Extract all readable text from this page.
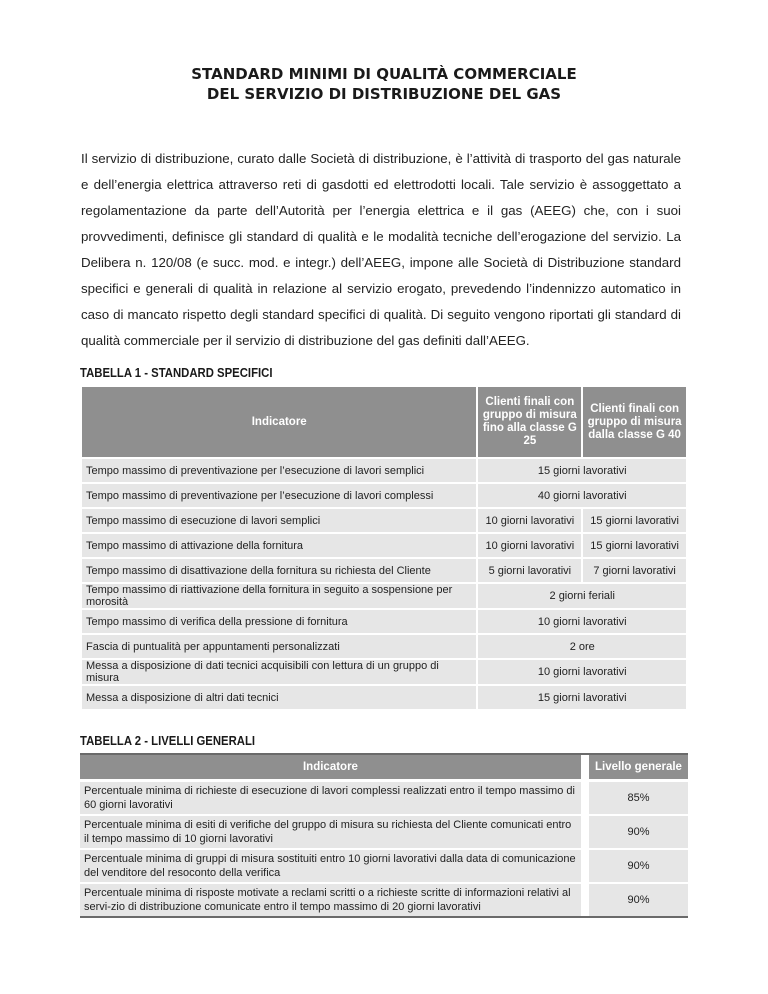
STANDARD MINIMI DI QUALITÀ COMMERCIALE
DEL SERVIZIO DI DISTRIBUZIONE DEL GAS

Il servizio di distribuzione, curato dalle Società di distribuzione, è l’attività di trasporto del gas naturale e dell’energia elettrica attraverso reti di gasdotti ed elettrodotti locali. Tale servizio è assoggettato a regolamentazione da parte dell’Autorità per l’energia elettrica e il gas (AEEG) che, con i suoi provvedimenti, definisce gli standard di qualità e le modalità tecniche dell’erogazione del servizio. La Delibera n. 120/08 (e succ. mod. e integr.) dell’AEEG, impone alle Società di Distribuzione standard specifici e generali di qualità in relazione al servizio erogato, prevedendo l’indennizzo automatico in caso di mancato rispetto degli standard specifici di qualità. Di seguito vengono riportati gli standard di qualità commerciale per il servizio di distribuzione del gas definiti dall’AEEG.

TABELLA 1 - STANDARD SPECIFICI
Indicatore	Clienti finali con gruppo di misura fino alla classe G 25	Clienti finali con gruppo di misura dalla classe G 40
Tempo massimo di preventivazione per l’esecuzione di lavori semplici	15 giorni lavorativi	
Tempo massimo di preventivazione per l’esecuzione di lavori complessi	40 giorni lavorativi	
Tempo massimo di esecuzione di lavori semplici	10 giorni lavorativi	15 giorni lavorativi
Tempo massimo di attivazione della fornitura	10 giorni lavorativi	15 giorni lavorativi
Tempo massimo di disattivazione della fornitura su richiesta del Cliente	5 giorni lavorativi	7 giorni lavorativi
Tempo massimo di riattivazione della fornitura in seguito a sospensione per morosità	2 giorni feriali	
Tempo massimo di verifica della pressione di fornitura	10 giorni lavorativi	
Fascia di puntualità per appuntamenti personalizzati	2 ore	
Messa a disposizione di dati tecnici acquisibili con lettura di un gruppo di misura	10 giorni lavorativi	
Messa a disposizione di altri dati tecnici	15 giorni lavorativi	
TABELLA 2 - LIVELLI GENERALI
Indicatore		Livello generale
Percentuale minima di richieste di esecuzione di lavori complessi realizzati entro il tempo massimo di 60 giorni lavorativi		85%
Percentuale minima di esiti di verifiche del gruppo di misura su richiesta del Cliente comunicati entro il tempo massimo di 10 giorni lavorativi		90%
Percentuale minima di gruppi di misura sostituiti entro 10 giorni lavorativi dalla data di comunicazione del venditore del resoconto della verifica		90%
Percentuale minima di risposte motivate a reclami scritti o a richieste scritte di informazioni relativi al servi-zio di distribuzione comunicate entro il tempo massimo di 20 giorni lavorativi		90%
